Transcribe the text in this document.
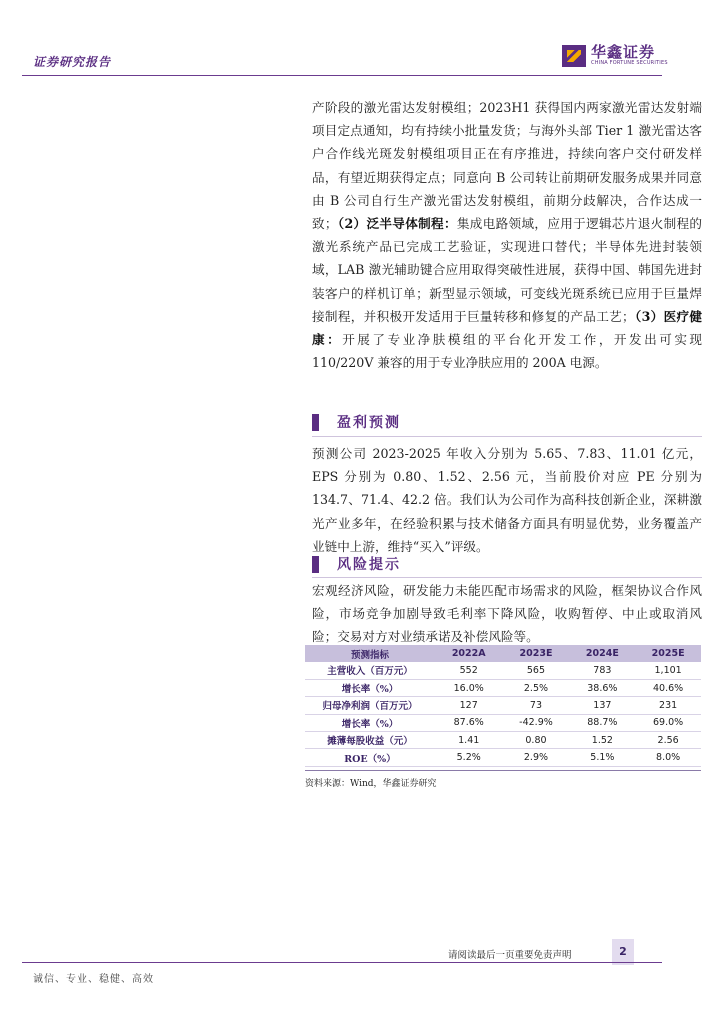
证券研究报告
华鑫证券
CHINA FORTUNE SECURITIES

产阶段的激光雷达发射模组；2023H1 获得国内两家激光雷达发射端项目定点通知，均有持续小批量发货；与海外头部 Tier 1 激光雷达客户合作线光斑发射模组项目正在有序推进，持续向客户交付研发样品，有望近期获得定点；同意向 B 公司转让前期研发服务成果并同意由 B 公司自行生产激光雷达发射模组，前期分歧解决，合作达成一致；（2）泛半导体制程：集成电路领域，应用于逻辑芯片退火制程的激光系统产品已完成工艺验证，实现进口替代；半导体先进封装领域，LAB 激光辅助键合应用取得突破性进展，获得中国、韩国先进封装客户的样机订单；新型显示领域，可变线光斑系统已应用于巨量焊接制程，并积极开发适用于巨量转移和修复的产品工艺；（3）医疗健康：开展了专业净肤模组的平台化开发工作，开发出可实现 110/220V 兼容的用于专业净肤应用的 200A 电源。

盈利预测

预测公司 2023-2025 年收入分别为 5.65、7.83、11.01 亿元，EPS 分别为 0.80、1.52、2.56 元，当前股价对应 PE 分别为 134.7、71.4、42.2 倍。我们认为公司作为高科技创新企业，深耕激光产业多年，在经验积累与技术储备方面具有明显优势，业务覆盖产业链中上游，维持“买入”评级。

风险提示

宏观经济风险，研发能力未能匹配市场需求的风险，框架协议合作风险，市场竞争加剧导致毛利率下降风险，收购暂停、中止或取消风险；交易对方对业绩承诺及补偿风险等。

预测指标	2022A	2023E	2024E	2025E
主营收入（百万元）	552	565	783	1,101
增长率（%）	16.0%	2.5%	38.6%	40.6%
归母净利润（百万元）	127	73	137	231
增长率（%）	87.6%	-42.9%	88.7%	69.0%
摊薄每股收益（元）	1.41	0.80	1.52	2.56
ROE（%）	5.2%	2.9%	5.1%	8.0%
资料来源：Wind，华鑫证券研究
请阅读最后一页重要免责声明	2
诚信、专业、稳健、高效
